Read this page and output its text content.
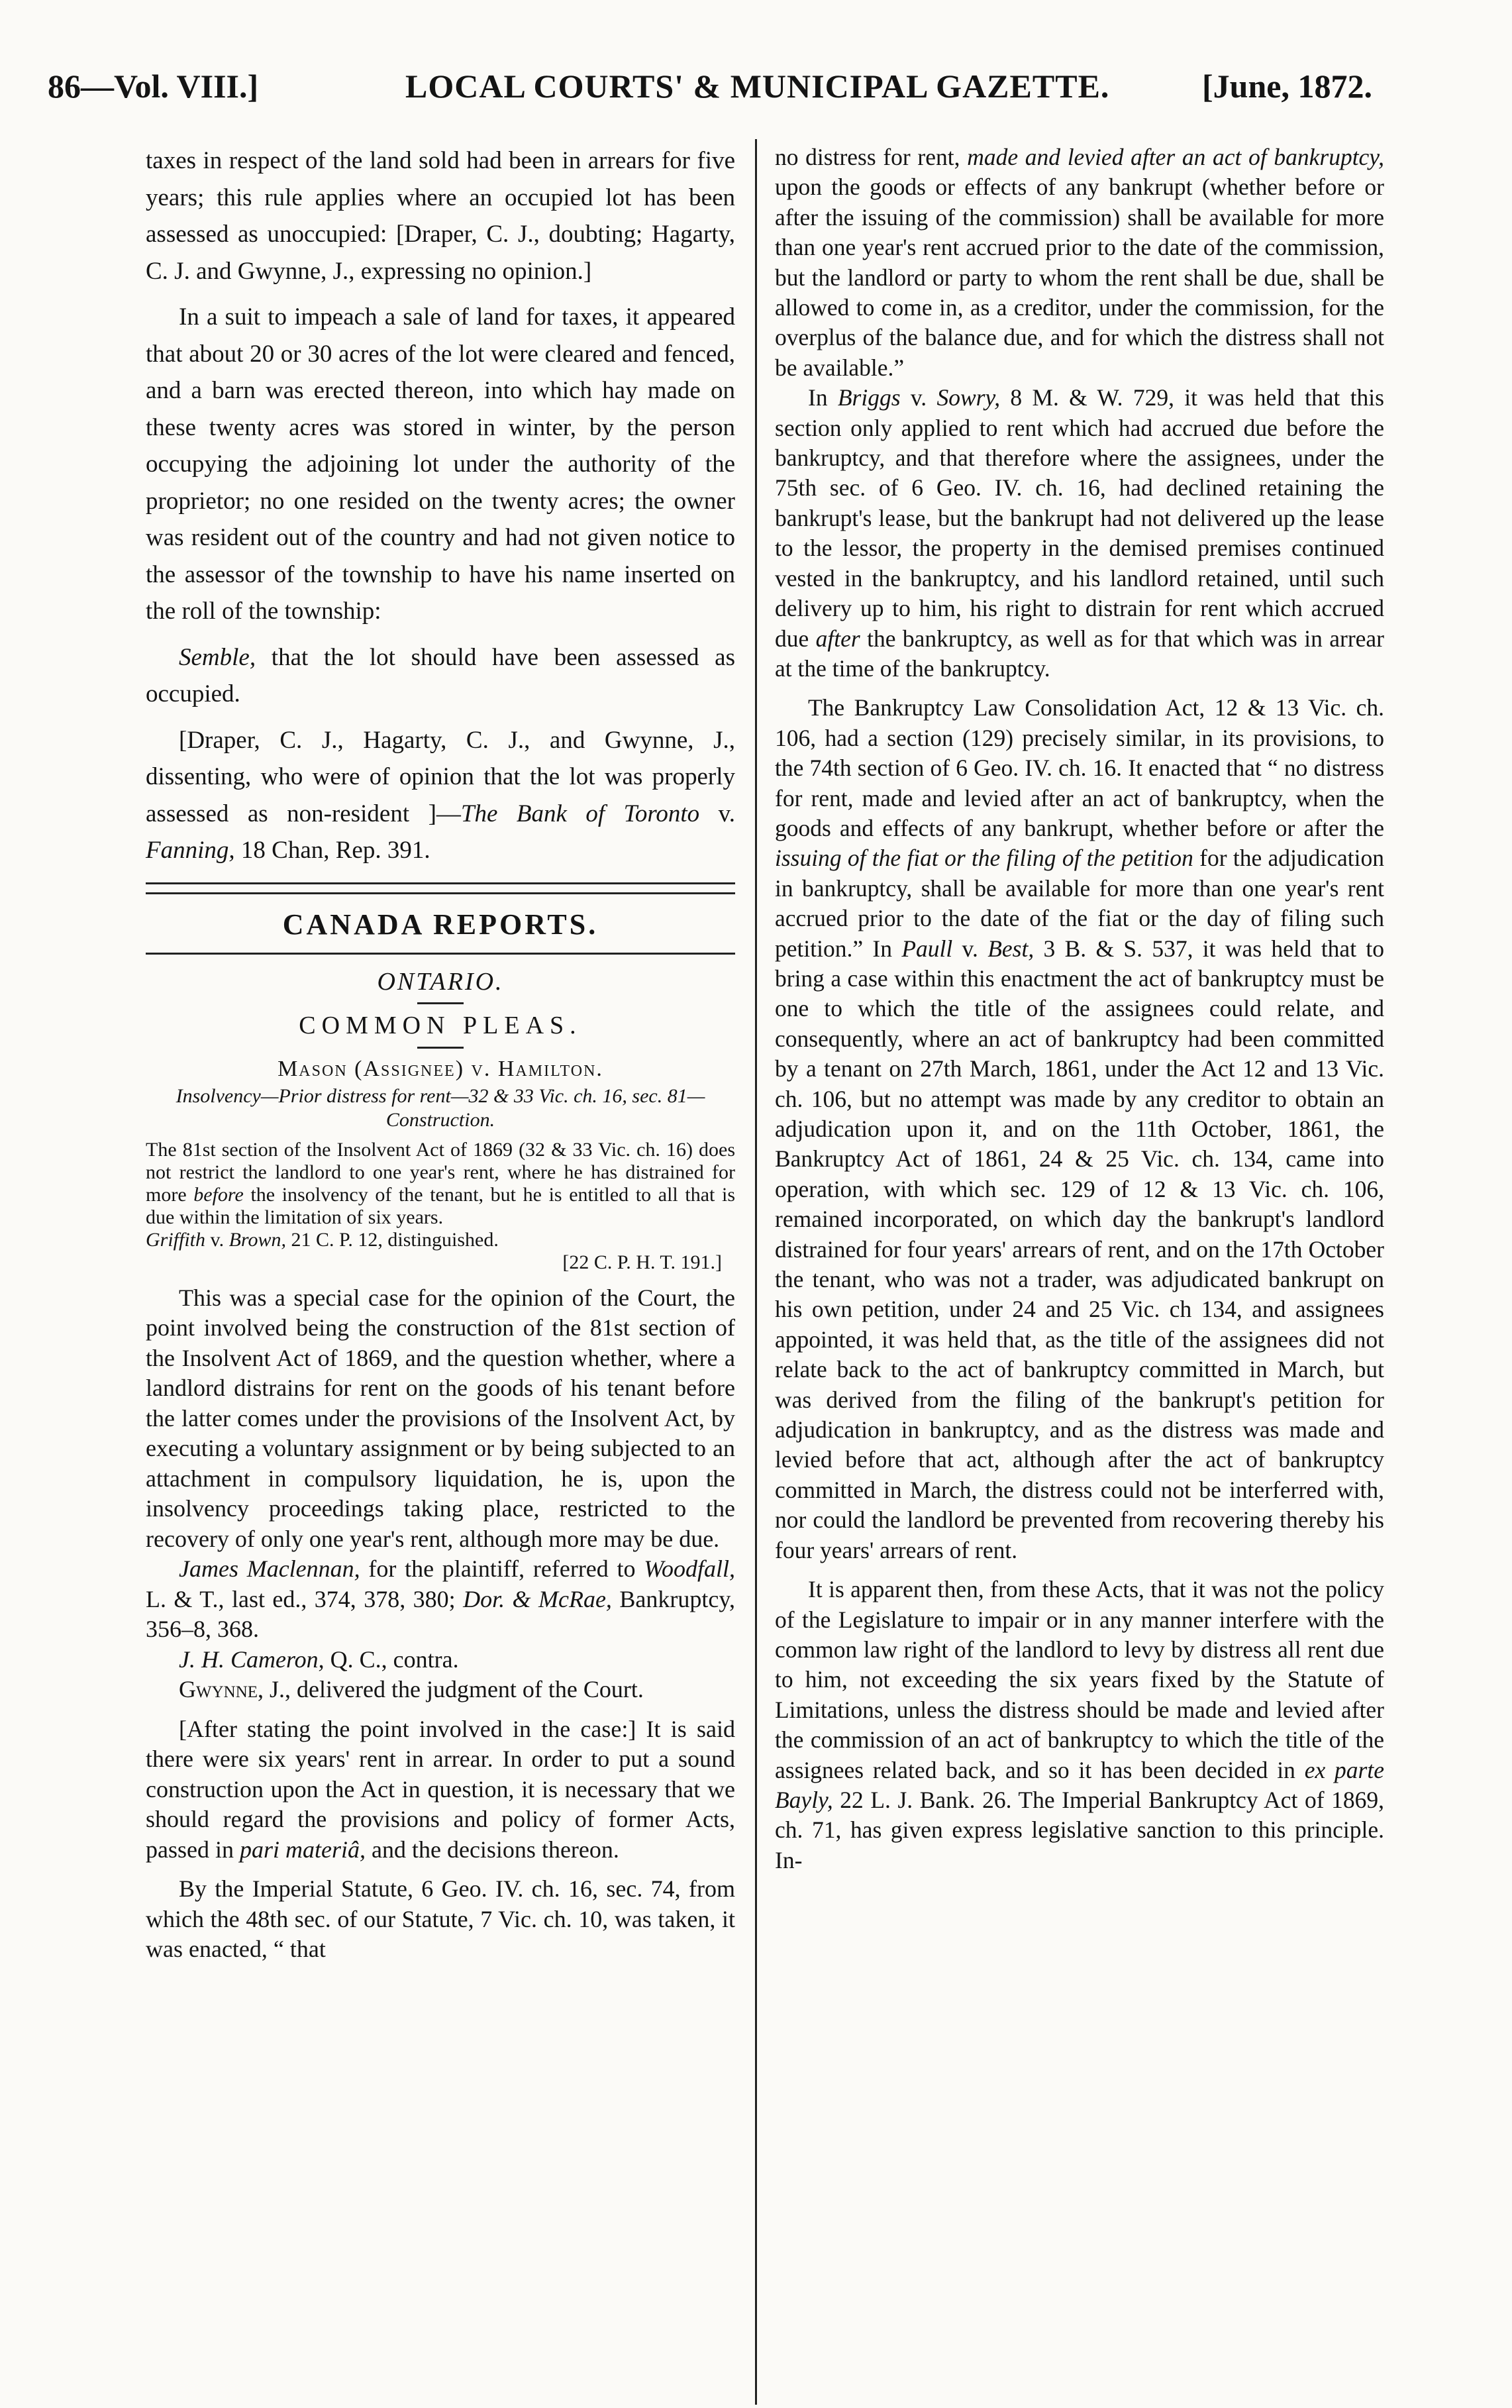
86—Vol. VIII.]	LOCAL COURTS' & MUNICIPAL GAZETTE.	[June, 1872.

taxes in respect of the land sold had been in arrears for five years; this rule applies where an occupied lot has been assessed as unoccupied: [Draper, C. J., doubting; Hagarty, C. J. and Gwynne, J., expressing no opinion.]

In a suit to impeach a sale of land for taxes, it appeared that about 20 or 30 acres of the lot were cleared and fenced, and a barn was erected thereon, into which hay made on these twenty acres was stored in winter, by the person occupying the adjoining lot under the authority of the proprietor; no one resided on the twenty acres; the owner was resident out of the country and had not given notice to the assessor of the township to have his name inserted on the roll of the township:

Semble, that the lot should have been assessed as occupied.

[Draper, C. J., Hagarty, C. J., and Gwynne, J., dissenting, who were of opinion that the lot was properly assessed as non-resident ]—The Bank of Toronto v. Fanning, 18 Chan, Rep. 391.

CANADA REPORTS.
ONTARIO.
COMMON PLEAS.
Mason (Assignee) v. Hamilton.
Insolvency—Prior distress for rent—32 & 33 Vic. ch. 16, sec. 81—Construction.
The 81st section of the Insolvent Act of 1869 (32 & 33 Vic. ch. 16) does not restrict the landlord to one year's rent, where he has distrained for more before the insolvency of the tenant, but he is entitled to all that is due within the limitation of six years.
Griffith v. Brown, 21 C. P. 12, distinguished.
[22 C. P. H. T. 191.]

This was a special case for the opinion of the Court, the point involved being the construction of the 81st section of the Insolvent Act of 1869, and the question whether, where a landlord distrains for rent on the goods of his tenant before the latter comes under the provisions of the Insolvent Act, by executing a voluntary assignment or by being subjected to an attachment in compulsory liquidation, he is, upon the insolvency proceedings taking place, restricted to the recovery of only one year's rent, although more may be due.

James Maclennan, for the plaintiff, referred to Woodfall, L. & T., last ed., 374, 378, 380; Dor. & McRae, Bankruptcy, 356–8, 368.

J. H. Cameron, Q. C., contra.

Gwynne, J., delivered the judgment of the Court.

[After stating the point involved in the case:] It is said there were six years' rent in arrear. In order to put a sound construction upon the Act in question, it is necessary that we should regard the provisions and policy of former Acts, passed in pari materiâ, and the decisions thereon.

By the Imperial Statute, 6 Geo. IV. ch. 16, sec. 74, from which the 48th sec. of our Statute, 7 Vic. ch. 10, was taken, it was enacted, “ that

no distress for rent, made and levied after an act of bankruptcy, upon the goods or effects of any bankrupt (whether before or after the issuing of the commission) shall be available for more than one year's rent accrued prior to the date of the commission, but the landlord or party to whom the rent shall be due, shall be allowed to come in, as a creditor, under the commission, for the overplus of the balance due, and for which the distress shall not be available.”

In Briggs v. Sowry, 8 M. & W. 729, it was held that this section only applied to rent which had accrued due before the bankruptcy, and that therefore where the assignees, under the 75th sec. of 6 Geo. IV. ch. 16, had declined retaining the bankrupt's lease, but the bankrupt had not delivered up the lease to the lessor, the property in the demised premises continued vested in the bankruptcy, and his landlord retained, until such delivery up to him, his right to distrain for rent which accrued due after the bankruptcy, as well as for that which was in arrear at the time of the bankruptcy.

The Bankruptcy Law Consolidation Act, 12 & 13 Vic. ch. 106, had a section (129) precisely similar, in its provisions, to the 74th section of 6 Geo. IV. ch. 16. It enacted that “ no distress for rent, made and levied after an act of bankruptcy, when the goods and effects of any bankrupt, whether before or after the issuing of the fiat or the filing of the petition for the adjudication in bankruptcy, shall be available for more than one year's rent accrued prior to the date of the fiat or the day of filing such petition.” In Paull v. Best, 3 B. & S. 537, it was held that to bring a case within this enactment the act of bankruptcy must be one to which the title of the assignees could relate, and consequently, where an act of bankruptcy had been committed by a tenant on 27th March, 1861, under the Act 12 and 13 Vic. ch. 106, but no attempt was made by any creditor to obtain an adjudication upon it, and on the 11th October, 1861, the Bankruptcy Act of 1861, 24 & 25 Vic. ch. 134, came into operation, with which sec. 129 of 12 & 13 Vic. ch. 106, remained incorporated, on which day the bankrupt's landlord distrained for four years' arrears of rent, and on the 17th October the tenant, who was not a trader, was adjudicated bankrupt on his own petition, under 24 and 25 Vic. ch 134, and assignees appointed, it was held that, as the title of the assignees did not relate back to the act of bankruptcy committed in March, but was derived from the filing of the bankrupt's petition for adjudication in bankruptcy, and as the distress was made and levied before that act, although after the act of bankruptcy committed in March, the distress could not be interferred with, nor could the landlord be prevented from recovering thereby his four years' arrears of rent.

It is apparent then, from these Acts, that it was not the policy of the Legislature to impair or in any manner interfere with the common law right of the landlord to levy by distress all rent due to him, not exceeding the six years fixed by the Statute of Limitations, unless the distress should be made and levied after the commission of an act of bankruptcy to which the title of the assignees related back, and so it has been decided in ex parte Bayly, 22 L. J. Bank. 26. The Imperial Bankruptcy Act of 1869, ch. 71, has given express legislative sanction to this principle. In-
